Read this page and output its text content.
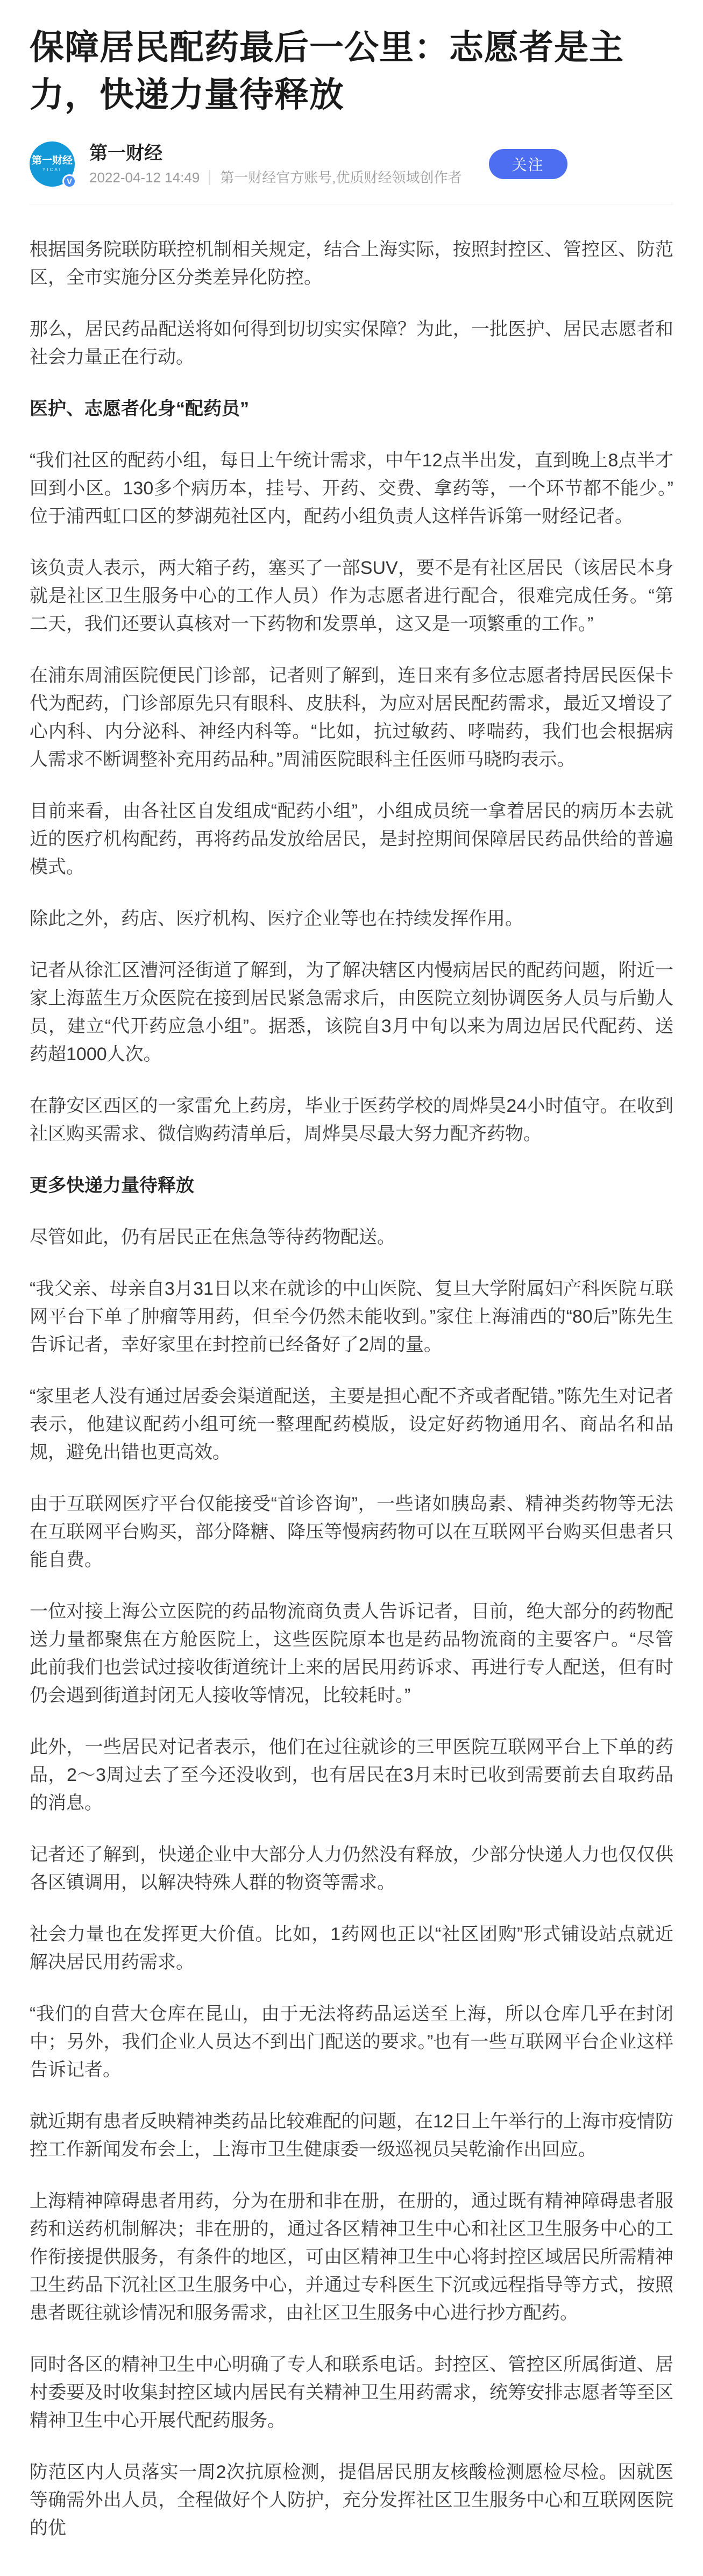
保障居民配药最后一公里：志愿者是主力，快递力量待释放
第一财经
YICAI
V
第一财经
2022-04-12 14:49 第一财经官方账号,优质财经领域创作者
关注

根据国务院联防联控机制相关规定，结合上海实际，按照封控区、管控区、防范区，全市实施分区分类差异化防控。

那么，居民药品配送将如何得到切切实实保障？为此，一批医护、居民志愿者和社会力量正在行动。

医护、志愿者化身“配药员”

“我们社区的配药小组，每日上午统计需求，中午12点半出发，直到晚上8点半才回到小区。130多个病历本，挂号、开药、交费、拿药等，一个环节都不能少。”位于浦西虹口区的梦湖苑社区内，配药小组负责人这样告诉第一财经记者。

该负责人表示，两大箱子药，塞买了一部SUV，要不是有社区居民（该居民本身就是社区卫生服务中心的工作人员）作为志愿者进行配合，很难完成任务。“第二天，我们还要认真核对一下药物和发票单，这又是一项繁重的工作。”

在浦东周浦医院便民门诊部，记者则了解到，连日来有多位志愿者持居民医保卡代为配药，门诊部原先只有眼科、皮肤科，为应对居民配药需求，最近又增设了心内科、内分泌科、神经内科等。“比如，抗过敏药、哮喘药，我们也会根据病人需求不断调整补充用药品种。”周浦医院眼科主任医师马晓昀表示。

目前来看，由各社区自发组成“配药小组”，小组成员统一拿着居民的病历本去就近的医疗机构配药，再将药品发放给居民，是封控期间保障居民药品供给的普遍模式。

除此之外，药店、医疗机构、医疗企业等也在持续发挥作用。

记者从徐汇区漕河泾街道了解到，为了解决辖区内慢病居民的配药问题，附近一家上海蓝生万众医院在接到居民紧急需求后，由医院立刻协调医务人员与后勤人员，建立“代开药应急小组”。据悉，该院自3月中旬以来为周边居民代配药、送药超1000人次。

在静安区西区的一家雷允上药房，毕业于医药学校的周烨昊24小时值守。在收到社区购买需求、微信购药清单后，周烨昊尽最大努力配齐药物。

更多快递力量待释放

尽管如此，仍有居民正在焦急等待药物配送。

“我父亲、母亲自3月31日以来在就诊的中山医院、复旦大学附属妇产科医院互联网平台下单了肿瘤等用药，但至今仍然未能收到。”家住上海浦西的“80后”陈先生告诉记者，幸好家里在封控前已经备好了2周的量。

“家里老人没有通过居委会渠道配送，主要是担心配不齐或者配错。”陈先生对记者表示，他建议配药小组可统一整理配药模版，设定好药物通用名、商品名和品规，避免出错也更高效。

由于互联网医疗平台仅能接受“首诊咨询”，一些诸如胰岛素、精神类药物等无法在互联网平台购买，部分降糖、降压等慢病药物可以在互联网平台购买但患者只能自费。

一位对接上海公立医院的药品物流商负责人告诉记者，目前，绝大部分的药物配送力量都聚焦在方舱医院上，这些医院原本也是药品物流商的主要客户。“尽管此前我们也尝试过接收街道统计上来的居民用药诉求、再进行专人配送，但有时仍会遇到街道封闭无人接收等情况，比较耗时。”

此外，一些居民对记者表示，他们在过往就诊的三甲医院互联网平台上下单的药品，2～3周过去了至今还没收到，也有居民在3月末时已收到需要前去自取药品的消息。

记者还了解到，快递企业中大部分人力仍然没有释放，少部分快递人力也仅仅供各区镇调用，以解决特殊人群的物资等需求。

社会力量也在发挥更大价值。比如，1药网也正以“社区团购”形式铺设站点就近解决居民用药需求。

“我们的自营大仓库在昆山，由于无法将药品运送至上海，所以仓库几乎在封闭中；另外，我们企业人员达不到出门配送的要求。”也有一些互联网平台企业这样告诉记者。

就近期有患者反映精神类药品比较难配的问题，在12日上午举行的上海市疫情防控工作新闻发布会上，上海市卫生健康委一级巡视员吴乾渝作出回应。

上海精神障碍患者用药，分为在册和非在册，在册的，通过既有精神障碍患者服药和送药机制解决；非在册的，通过各区精神卫生中心和社区卫生服务中心的工作衔接提供服务，有条件的地区，可由区精神卫生中心将封控区域居民所需精神卫生药品下沉社区卫生服务中心，并通过专科医生下沉或远程指导等方式，按照患者既往就诊情况和服务需求，由社区卫生服务中心进行抄方配药。

同时各区的精神卫生中心明确了专人和联系电话。封控区、管控区所属街道、居村委要及时收集封控区域内居民有关精神卫生用药需求，统筹安排志愿者等至区精神卫生中心开展代配药服务。

防范区内人员落实一周2次抗原检测，提倡居民朋友核酸检测愿检尽检。因就医等确需外出人员，全程做好个人防护，充分发挥社区卫生服务中心和互联网医院的优
